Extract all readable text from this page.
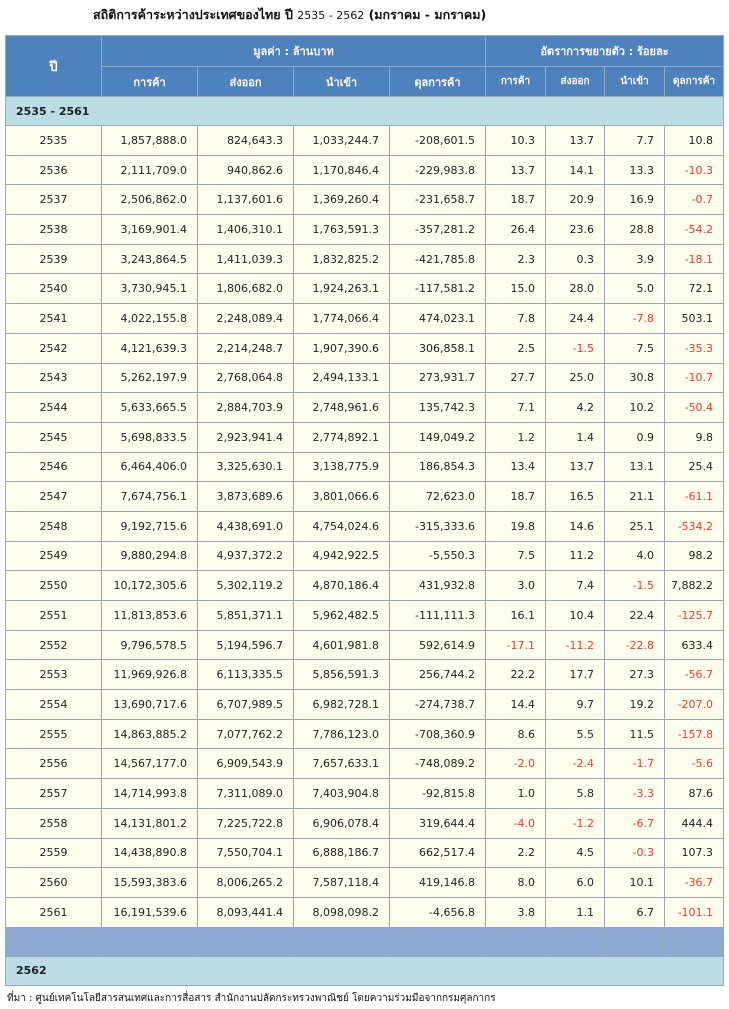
สถิติการค้าระหว่างประเทศของไทย ปี 2535 - 2562 (มกราคม - มกราคม)
ปี	มูลค่า : ล้านบาท				อัตราการขยายตัว : ร้อยละ			
	การค้า	ส่งออก	นำเข้า	ดุลการค้า	การค้า	ส่งออก	นำเข้า	ดุลการค้า
2535 - 2561								
2535	1,857,888.0	824,643.3	1,033,244.7	-208,601.5	10.3	13.7	7.7	10.8
2536	2,111,709.0	940,862.6	1,170,846.4	-229,983.8	13.7	14.1	13.3	-10.3
2537	2,506,862.0	1,137,601.6	1,369,260.4	-231,658.7	18.7	20.9	16.9	-0.7
2538	3,169,901.4	1,406,310.1	1,763,591.3	-357,281.2	26.4	23.6	28.8	-54.2
2539	3,243,864.5	1,411,039.3	1,832,825.2	-421,785.8	2.3	0.3	3.9	-18.1
2540	3,730,945.1	1,806,682.0	1,924,263.1	-117,581.2	15.0	28.0	5.0	72.1
2541	4,022,155.8	2,248,089.4	1,774,066.4	474,023.1	7.8	24.4	-7.8	503.1
2542	4,121,639.3	2,214,248.7	1,907,390.6	306,858.1	2.5	-1.5	7.5	-35.3
2543	5,262,197.9	2,768,064.8	2,494,133.1	273,931.7	27.7	25.0	30.8	-10.7
2544	5,633,665.5	2,884,703.9	2,748,961.6	135,742.3	7.1	4.2	10.2	-50.4
2545	5,698,833.5	2,923,941.4	2,774,892.1	149,049.2	1.2	1.4	0.9	9.8
2546	6,464,406.0	3,325,630.1	3,138,775.9	186,854.3	13.4	13.7	13.1	25.4
2547	7,674,756.1	3,873,689.6	3,801,066.6	72,623.0	18.7	16.5	21.1	-61.1
2548	9,192,715.6	4,438,691.0	4,754,024.6	-315,333.6	19.8	14.6	25.1	-534.2
2549	9,880,294.8	4,937,372.2	4,942,922.5	-5,550.3	7.5	11.2	4.0	98.2
2550	10,172,305.6	5,302,119.2	4,870,186.4	431,932.8	3.0	7.4	-1.5	7,882.2
2551	11,813,853.6	5,851,371.1	5,962,482.5	-111,111.3	16.1	10.4	22.4	-125.7
2552	9,796,578.5	5,194,596.7	4,601,981.8	592,614.9	-17.1	-11.2	-22.8	633.4
2553	11,969,926.8	6,113,335.5	5,856,591.3	256,744.2	22.2	17.7	27.3	-56.7
2554	13,690,717.6	6,707,989.5	6,982,728.1	-274,738.7	14.4	9.7	19.2	-207.0
2555	14,863,885.2	7,077,762.2	7,786,123.0	-708,360.9	8.6	5.5	11.5	-157.8
2556	14,567,177.0	6,909,543.9	7,657,633.1	-748,089.2	-2.0	-2.4	-1.7	-5.6
2557	14,714,993.8	7,311,089.0	7,403,904.8	-92,815.8	1.0	5.8	-3.3	87.6
2558	14,131,801.2	7,225,722.8	6,906,078.4	319,644.4	-4.0	-1.2	-6.7	444.4
2559	14,438,890.8	7,550,704.1	6,888,186.7	662,517.4	2.2	4.5	-0.3	107.3
2560	15,593,383.6	8,006,265.2	7,587,118.4	419,146.8	8.0	6.0	10.1	-36.7
2561	16,191,539.6	8,093,441.4	8,098,098.2	-4,656.8	3.8	1.1	6.7	-101.1

2562								
ที่มา : ศูนย์เทคโนโลยีสารสนเทศและการสื่อสาร สำนักงานปลัดกระทรวงพาณิชย์ โดยความร่วมมือจากกรมศุลกากร
